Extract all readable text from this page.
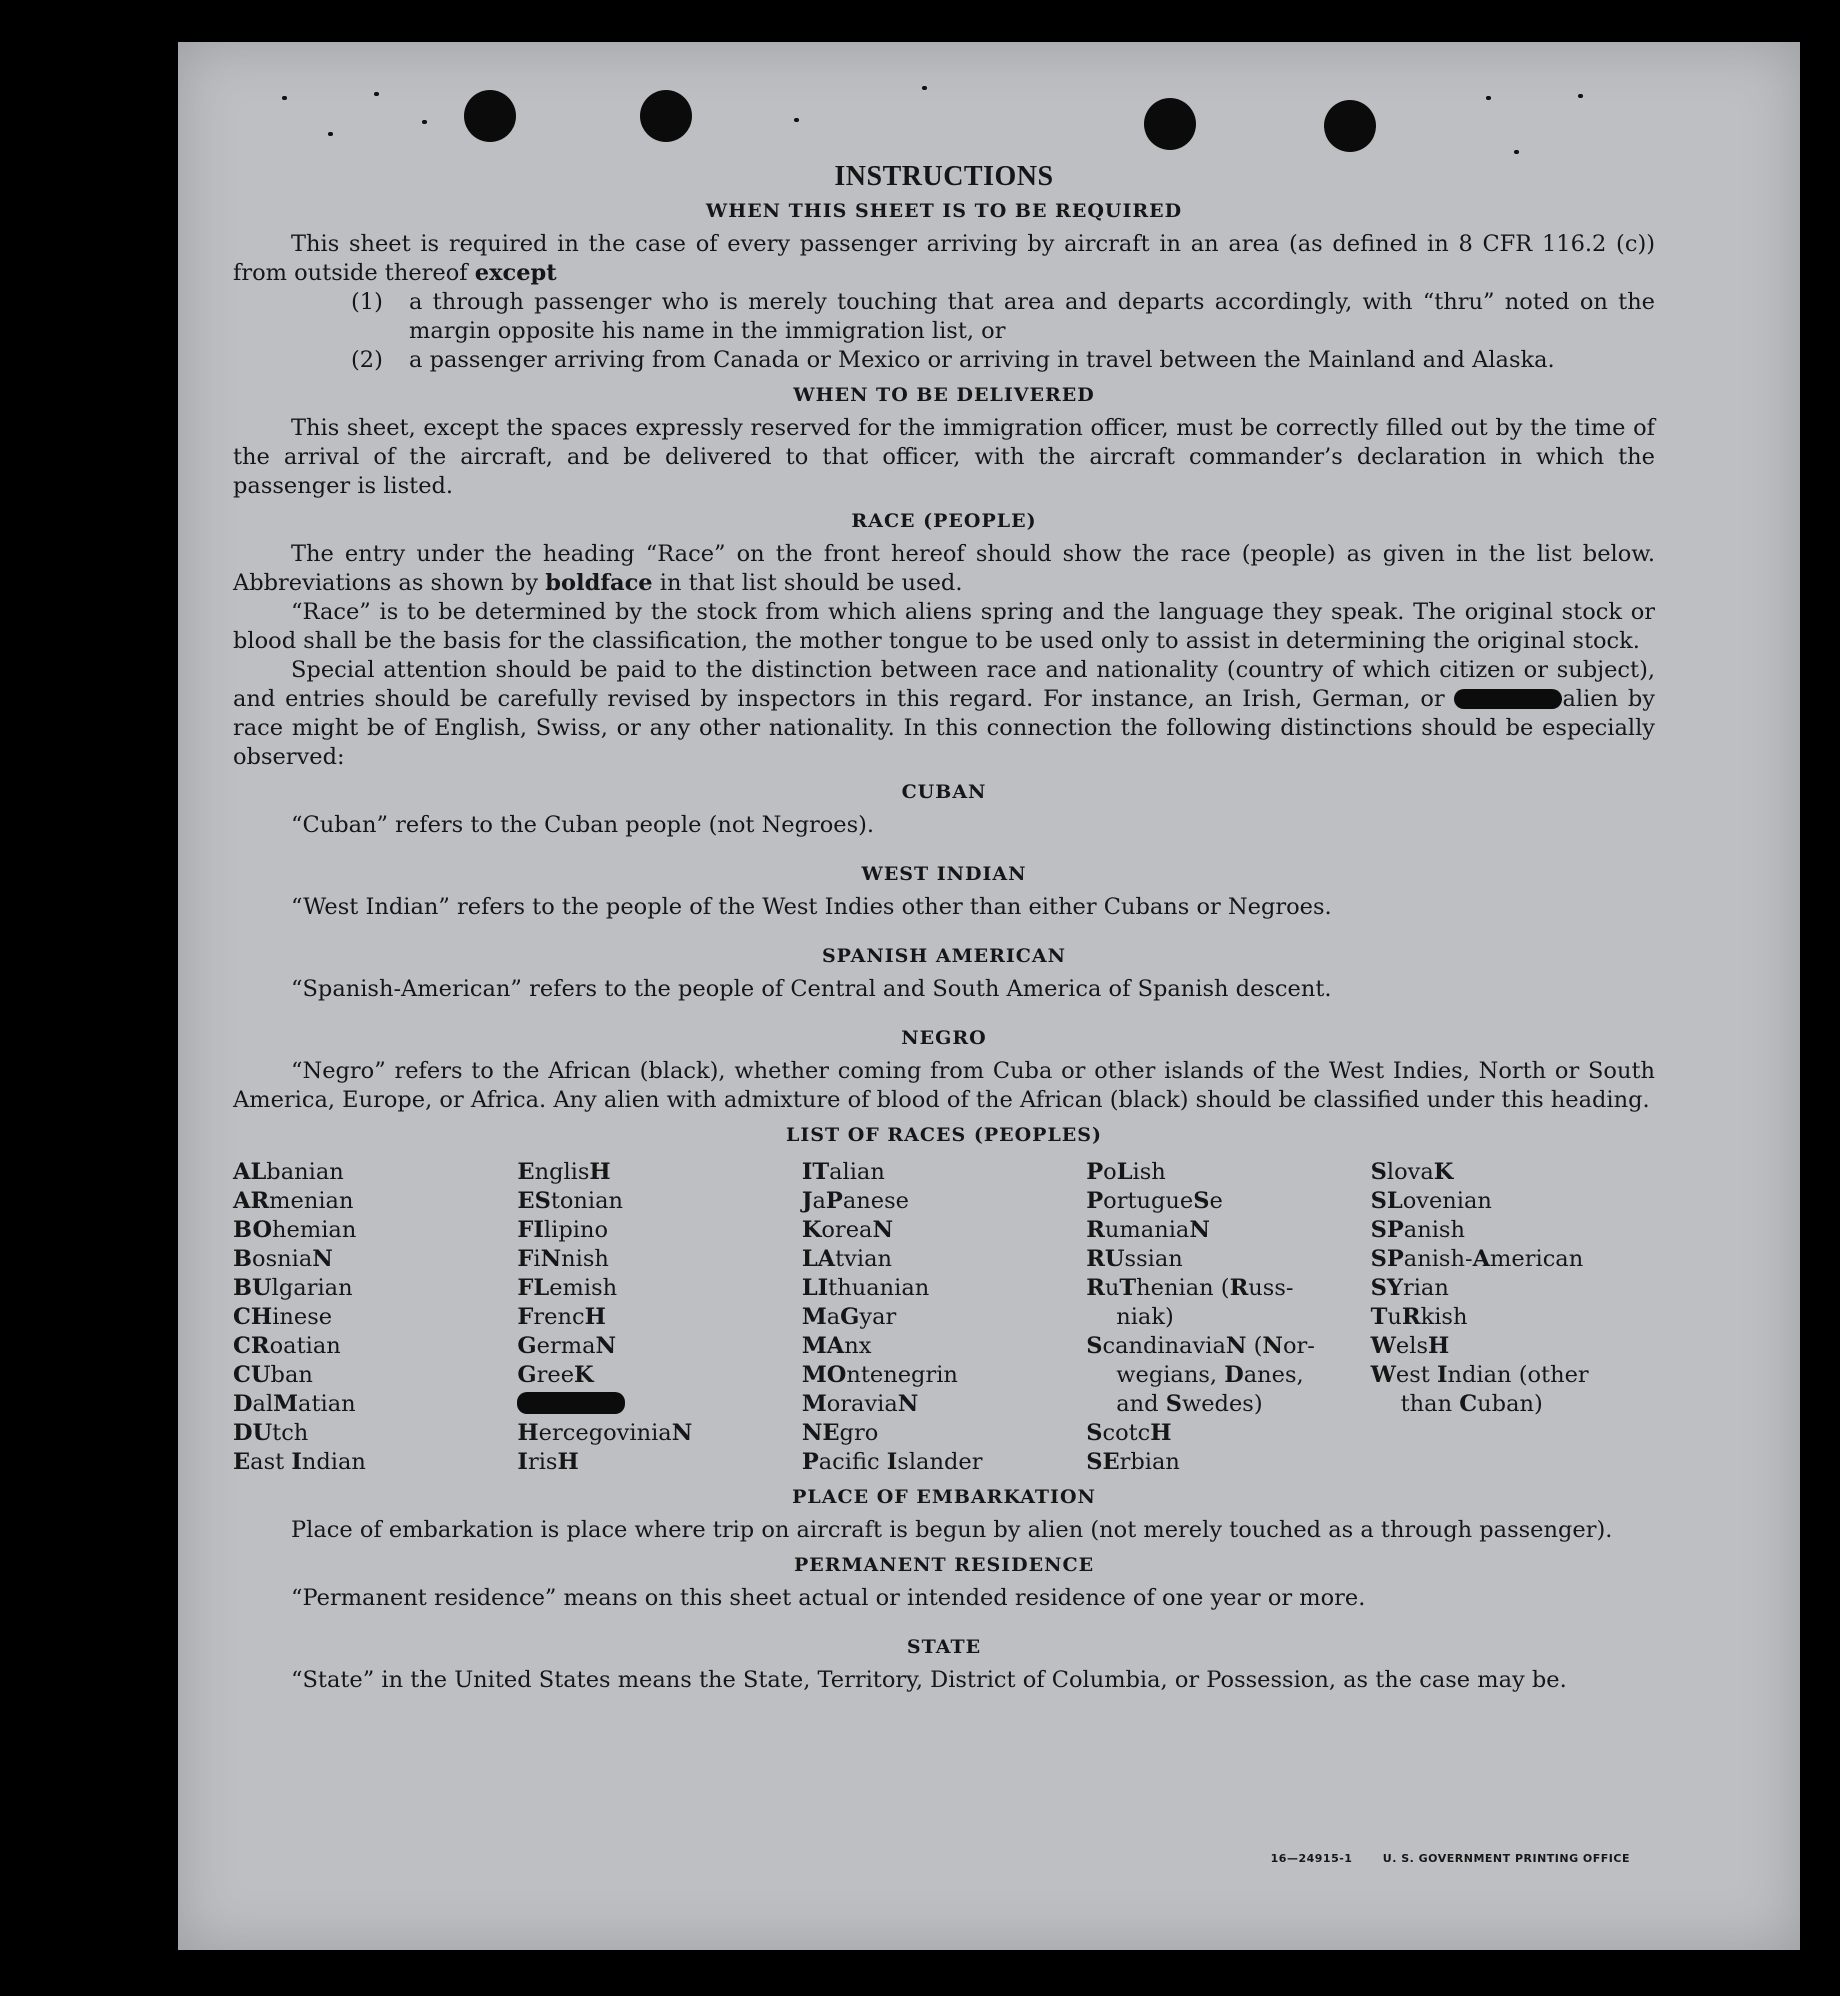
INSTRUCTIONS
WHEN THIS SHEET IS TO BE REQUIRED

This sheet is required in the case of every passenger arriving by aircraft in an area (as defined in 8 CFR 116.2 (c)) from outside thereof except

(1)	a through passenger who is merely touching that area and departs accordingly, with “thru” noted on the margin opposite his name in the immigration list, or
(2)	a passenger arriving from Canada or Mexico or arriving in travel between the Mainland and Alaska.
WHEN TO BE DELIVERED

This sheet, except the spaces expressly reserved for the immigration officer, must be correctly filled out by the time of the arrival of the aircraft, and be delivered to that officer, with the aircraft commander’s declaration in which the passenger is listed.

RACE (PEOPLE)

The entry under the heading “Race” on the front hereof should show the race (people) as given in the list below. Abbreviations as shown by boldface in that list should be used.

“Race” is to be determined by the stock from which aliens spring and the language they speak. The original stock or blood shall be the basis for the classification, the mother tongue to be used only to assist in determining the original stock.

Special attention should be paid to the distinction between race and nationality (country of which citizen or subject), and entries should be carefully revised by inspectors in this regard. For instance, an Irish, German, or	alien by race might be of English, Swiss, or any other nationality. In this connection the following distinctions should be especially observed:

CUBAN

“Cuban” refers to the Cuban people (not Negroes).

WEST INDIAN

“West Indian” refers to the people of the West Indies other than either Cubans or Negroes.

SPANISH AMERICAN

“Spanish-American” refers to the people of Central and South America of Spanish descent.

NEGRO

“Negro” refers to the African (black), whether coming from Cuba or other islands of the West Indies, North or South America, Europe, or Africa. Any alien with admixture of blood of the African (black) should be classified under this heading.

LIST OF RACES (PEOPLES)
ALbanian
ARmenian
BOhemian
BosniaN
BUlgarian
CHinese
CRoatian
CUban
DalMatian
DUtch
East Indian
EnglisH
EStonian
FIlipino
FiNnish
FLemish
FrencH
GermaN
GreeK
HercegoviniaN
IrisH
ITalian
JaPanese
KoreaN
LAtvian
LIthuanian
MaGyar
MAnx
MOntenegrin
MoraviaN
NEgro
Pacifc Islander
PoLish
PortugueSe
RumaniaN
RUssian
RuThenian (Russ-
niak)
ScandinaviaN (Nor-
wegians, Danes,
and Swedes)
ScotcH
SErbian
SlovaK
SLovenian
SPanish
SPanish-American
SYrian
TuRkish
WelsH
West Indian (other
than Cuban)
PLACE OF EMBARKATION

Place of embarkation is place where trip on aircraft is begun by alien (not merely touched as a through passenger).

PERMANENT RESIDENCE

“Permanent residence” means on this sheet actual or intended residence of one year or more.

STATE

“State” in the United States means the State, Territory, District of Columbia, or Possession, as the case may be.

16—24915-1	U. S. GOVERNMENT PRINTING OFFICE
